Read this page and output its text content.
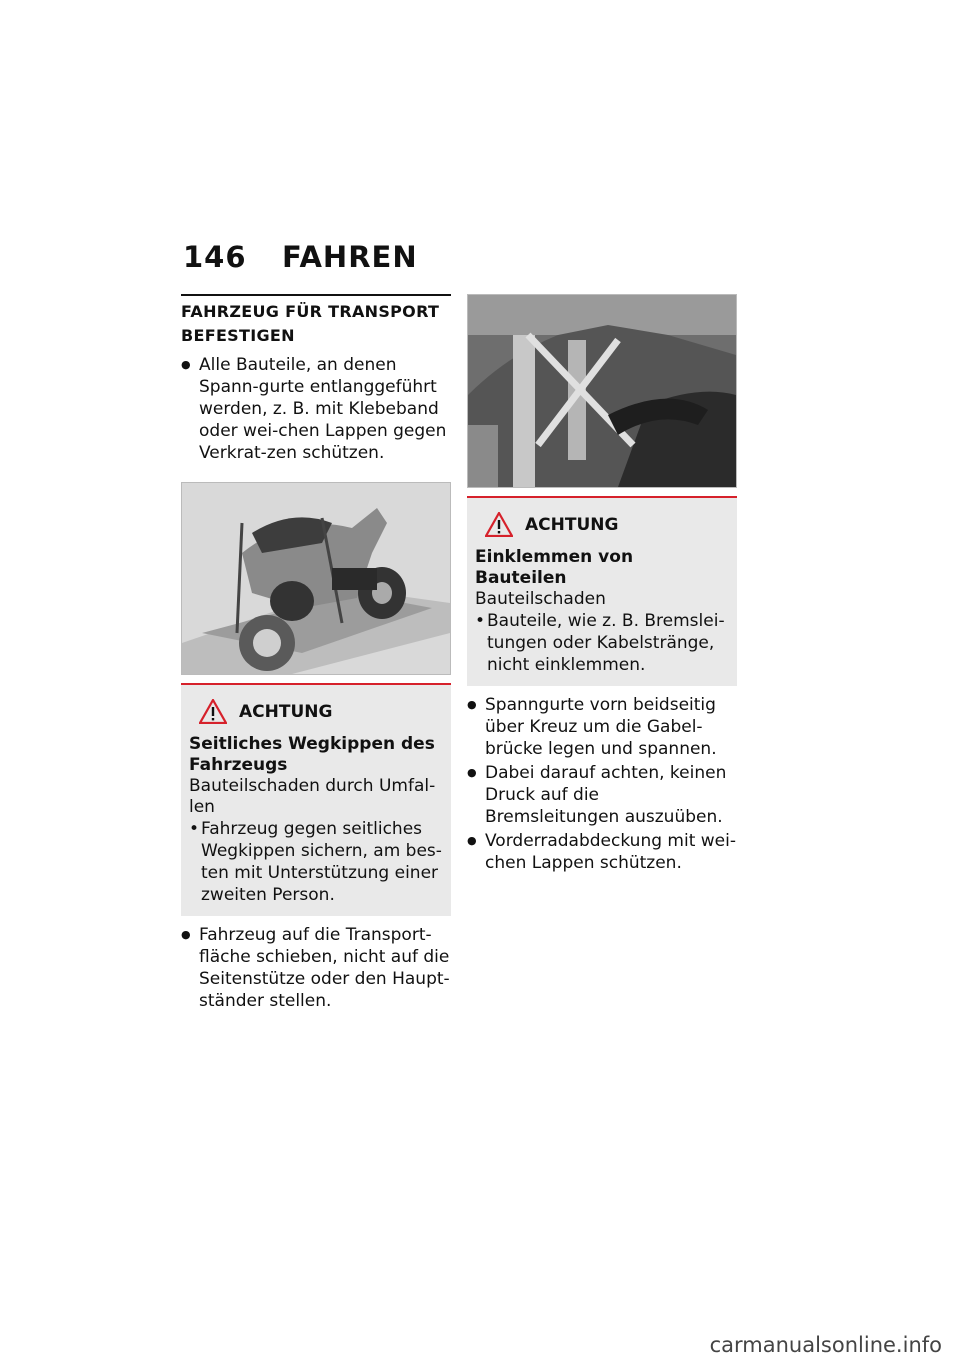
146 FAHREN
FAHRZEUG FÜR TRANSPORT BEFESTIGEN
● Alle Bauteile, an denen Spann-gurte entlanggeführt werden, z. B. mit Klebeband oder wei-chen Lappen gegen Verkrat-zen schützen.
ACHTUNG
Seitliches Wegkippen des Fahrzeugs
Bauteilschaden durch Umfal-len
• Fahrzeug gegen seitliches Wegkippen sichern, am bes-ten mit Unterstützung einer zweiten Person.
● Fahrzeug auf die Transport-fläche schieben, nicht auf die Seitenstütze oder den Haupt-ständer stellen.
ACHTUNG
Einklemmen von Bauteilen
Bauteilschaden
• Bauteile, wie z. B. Bremslei-tungen oder Kabelstränge, nicht einklemmen.
● Spanngurte vorn beidseitig über Kreuz um die Gabel-brücke legen und spannen.
● Dabei darauf achten, keinen Druck auf die Bremsleitungen auszuüben.
● Vorderradabdeckung mit wei-chen Lappen schützen.
carmanualsonline.info
